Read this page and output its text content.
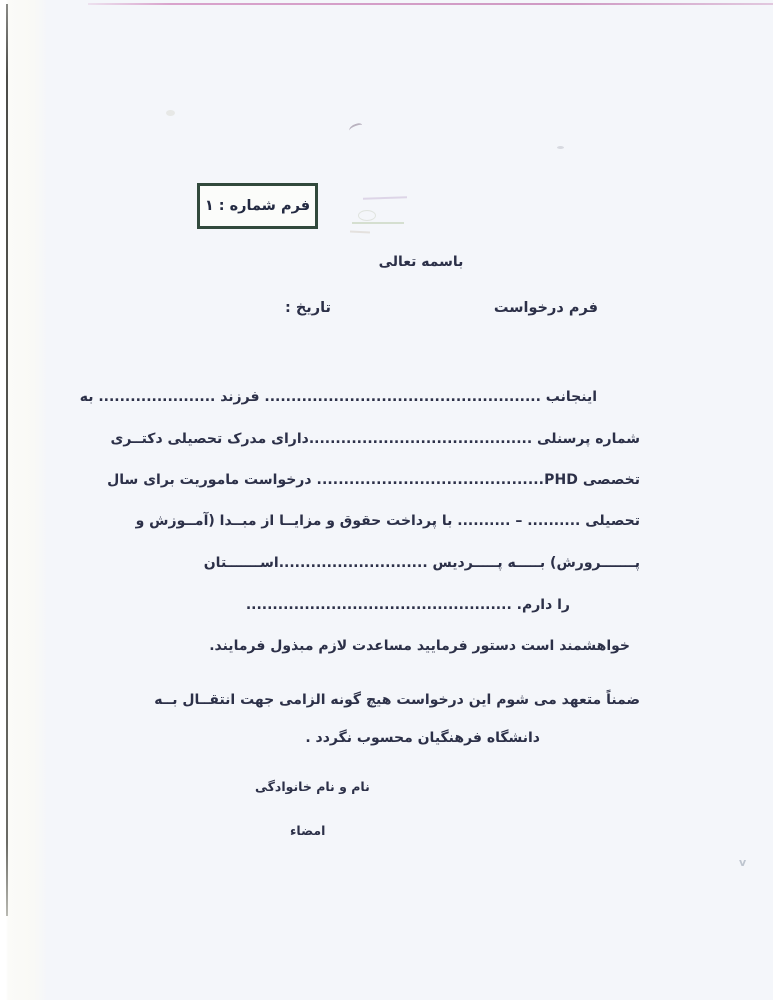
v
فرم شماره : ۱
باسمه تعالی
فرم درخواست
تاریخ :
اینجانب .................................................... فرزند ...................... به
شماره پرسنلی ..........................................دارای مدرک تحصیلی دکتــری
تخصصی PHD.......................................... درخواست ماموریت برای سال
تحصیلی .......... – .......... با پرداخت حقوق و مزایــا از مبــدا (آمــوزش و
پـــــــرورش) بـــــه پـــــردیس ............................اســـــــتان
.................................................. را دارم.
خواهشمند است دستور فرمایید مساعدت لازم مبذول فرمایند.
ضمناً متعهد می شوم این درخواست هیچ گونه الزامی جهت انتقــال بــه
دانشگاه فرهنگیان محسوب نگردد .
نام و نام خانوادگی
امضاء
